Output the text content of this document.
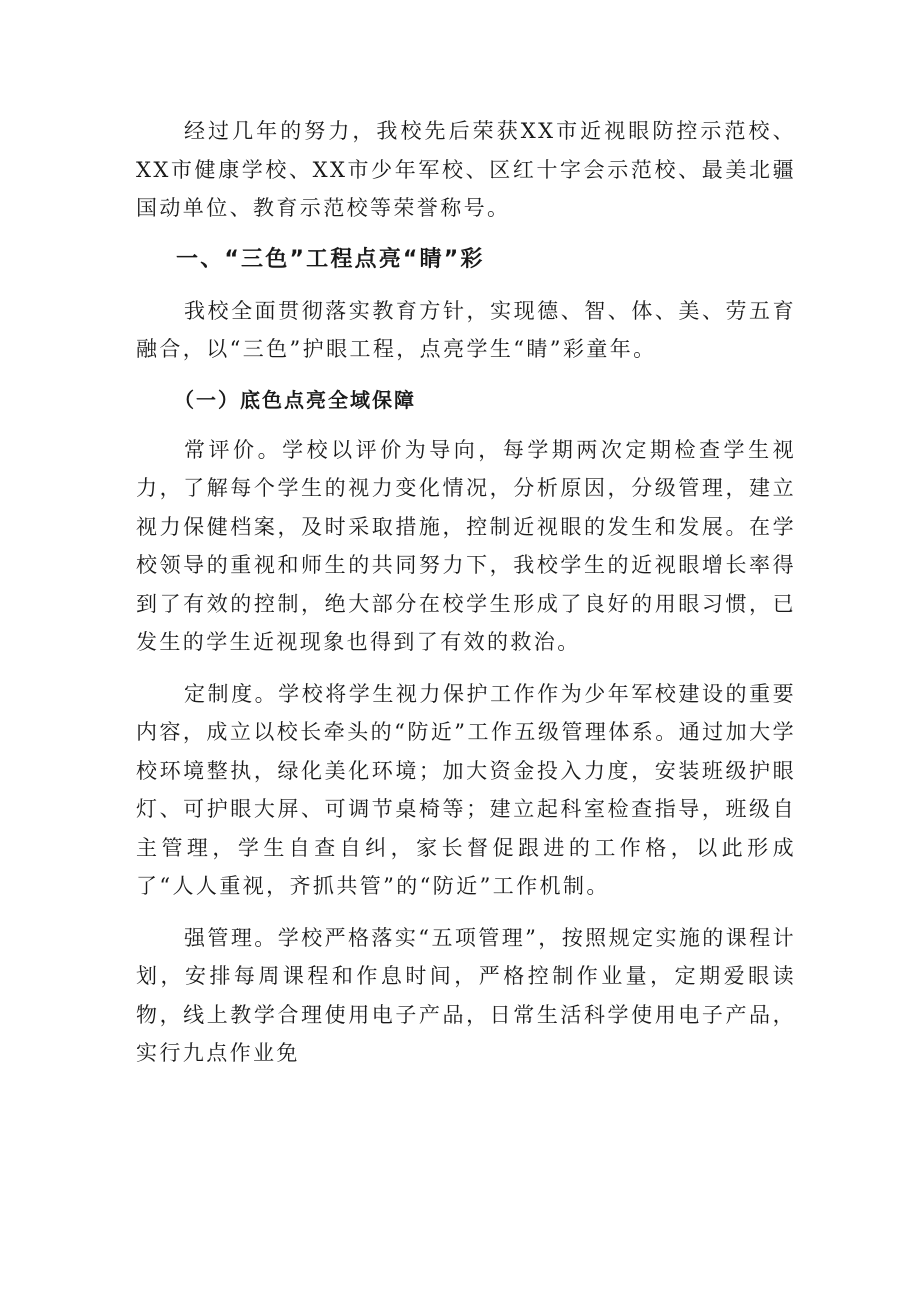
经过几年的努力，我校先后荣获XX市近视眼防控示范校、XX市健康学校、XX市少年军校、区红十字会示范校、最美北疆国动单位、教育示范校等荣誉称号。

一、“三色”工程点亮“睛”彩

我校全面贯彻落实教育方针，实现德、智、体、美、劳五育融合，以“三色”护眼工程，点亮学生“睛”彩童年。

（一）底色点亮全域保障

常评价。学校以评价为导向，每学期两次定期检查学生视力，了解每个学生的视力变化情况，分析原因，分级管理，建立视力保健档案，及时采取措施，控制近视眼的发生和发展。在学校领导的重视和师生的共同努力下，我校学生的近视眼增长率得到了有效的控制，绝大部分在校学生形成了良好的用眼习惯，已发生的学生近视现象也得到了有效的救治。

定制度。学校将学生视力保护工作作为少年军校建设的重要内容，成立以校长牵头的“防近”工作五级管理体系。通过加大学校环境整执，绿化美化环境；加大资金投入力度，安装班级护眼灯、可护眼大屏、可调节桌椅等；建立起科室检查指导，班级自主管理，学生自查自纠，家长督促跟进的工作格，以此形成了“人人重视，齐抓共管”的“防近”工作机制。

强管理。学校严格落实“五项管理”，按照规定实施的课程计划，安排每周课程和作息时间，严格控制作业量，定期爱眼读物，线上教学合理使用电子产品，日常生活科学使用电子产品，实行九点作业免
